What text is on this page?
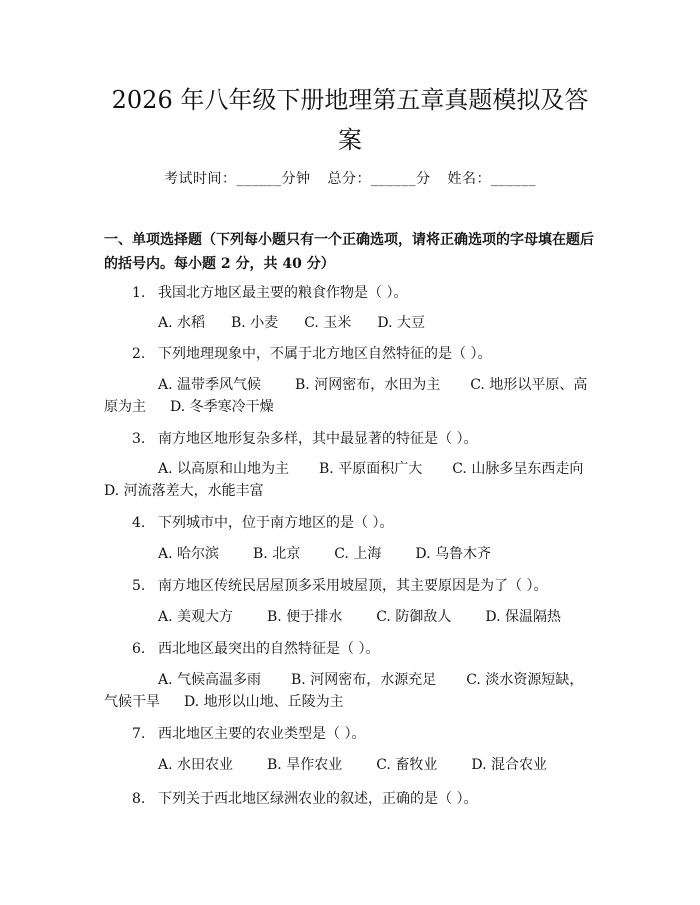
2026 年八年级下册地理第五章真题模拟及答
案
考试时间：______分钟 总分：______分 姓名：______
一、单项选择题（下列每小题只有一个正确选项，请将正确选项的字母填在题后的括号内。每小题 2 分，共 40 分）
1. 我国北方地区最主要的粮食作物是（ ）。
A. 水稻 B. 小麦 C. 玉米 D. 大豆
2. 下列地理现象中，不属于北方地区自然特征的是（ ）。
A. 温带季风气候 B. 河网密布，水田为主 C. 地形以平原、高原为主 D. 冬季寒冷干燥
3. 南方地区地形复杂多样，其中最显著的特征是（ ）。
A. 以高原和山地为主 B. 平原面积广大 C. 山脉多呈东西走向D. 河流落差大，水能丰富
4. 下列城市中，位于南方地区的是（ ）。
A. 哈尔滨 B. 北京 C. 上海 D. 乌鲁木齐
5. 南方地区传统民居屋顶多采用坡屋顶，其主要原因是为了（ ）。
A. 美观大方 B. 便于排水 C. 防御敌人 D. 保温隔热
6. 西北地区最突出的自然特征是（ ）。
A. 气候高温多雨 B. 河网密布，水源充足 C. 淡水资源短缺，气候干旱 D. 地形以山地、丘陵为主
7. 西北地区主要的农业类型是（ ）。
A. 水田农业 B. 旱作农业 C. 畜牧业 D. 混合农业
8. 下列关于西北地区绿洲农业的叙述，正确的是（ ）。
